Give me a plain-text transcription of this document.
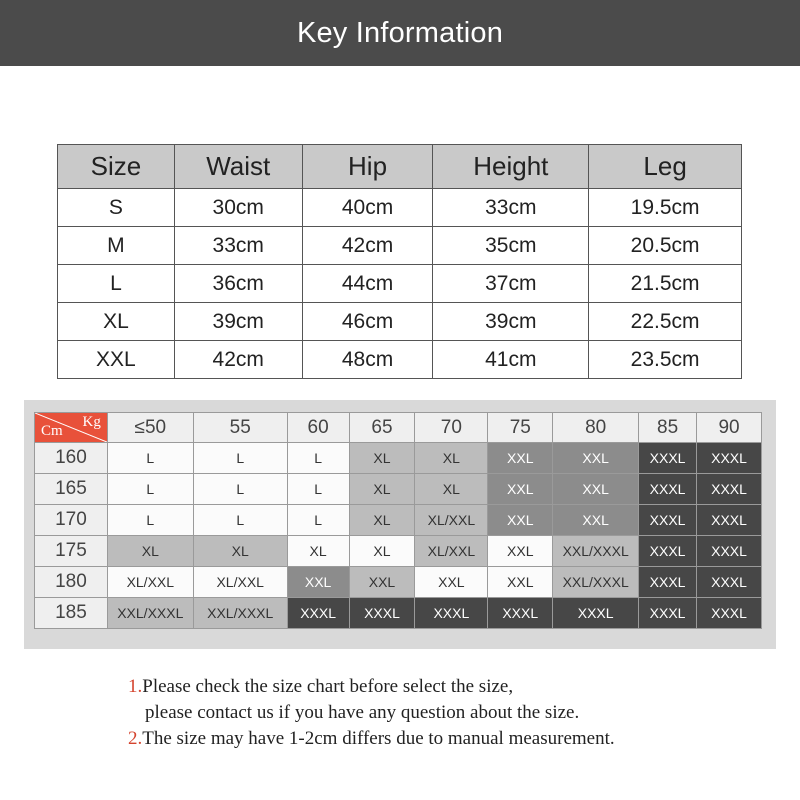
Key Information
Size	Waist	Hip	Height	Leg
S	30cm	40cm	33cm	19.5cm
M	33cm	42cm	35cm	20.5cm
L	36cm	44cm	37cm	21.5cm
XL	39cm	46cm	39cm	22.5cm
XXL	42cm	48cm	41cm	23.5cm
Kg
Cm	≤50	55	60	65	70	75	80	85	90
160	L	L	L	XL	XL	XXL	XXL	XXXL	XXXL
165	L	L	L	XL	XL	XXL	XXL	XXXL	XXXL
170	L	L	L	XL	XL/XXL	XXL	XXL	XXXL	XXXL
175	XL	XL	XL	XL	XL/XXL	XXL	XXL/XXXL	XXXL	XXXL
180	XL/XXL	XL/XXL	XXL	XXL	XXL	XXL	XXL/XXXL	XXXL	XXXL
185	XXL/XXXL	XXL/XXXL	XXXL	XXXL	XXXL	XXXL	XXXL	XXXL	XXXL
1.Please check the size chart before select the size,
please contact us if you have any question about the size.
2.The size may have 1-2cm differs due to manual measurement.
